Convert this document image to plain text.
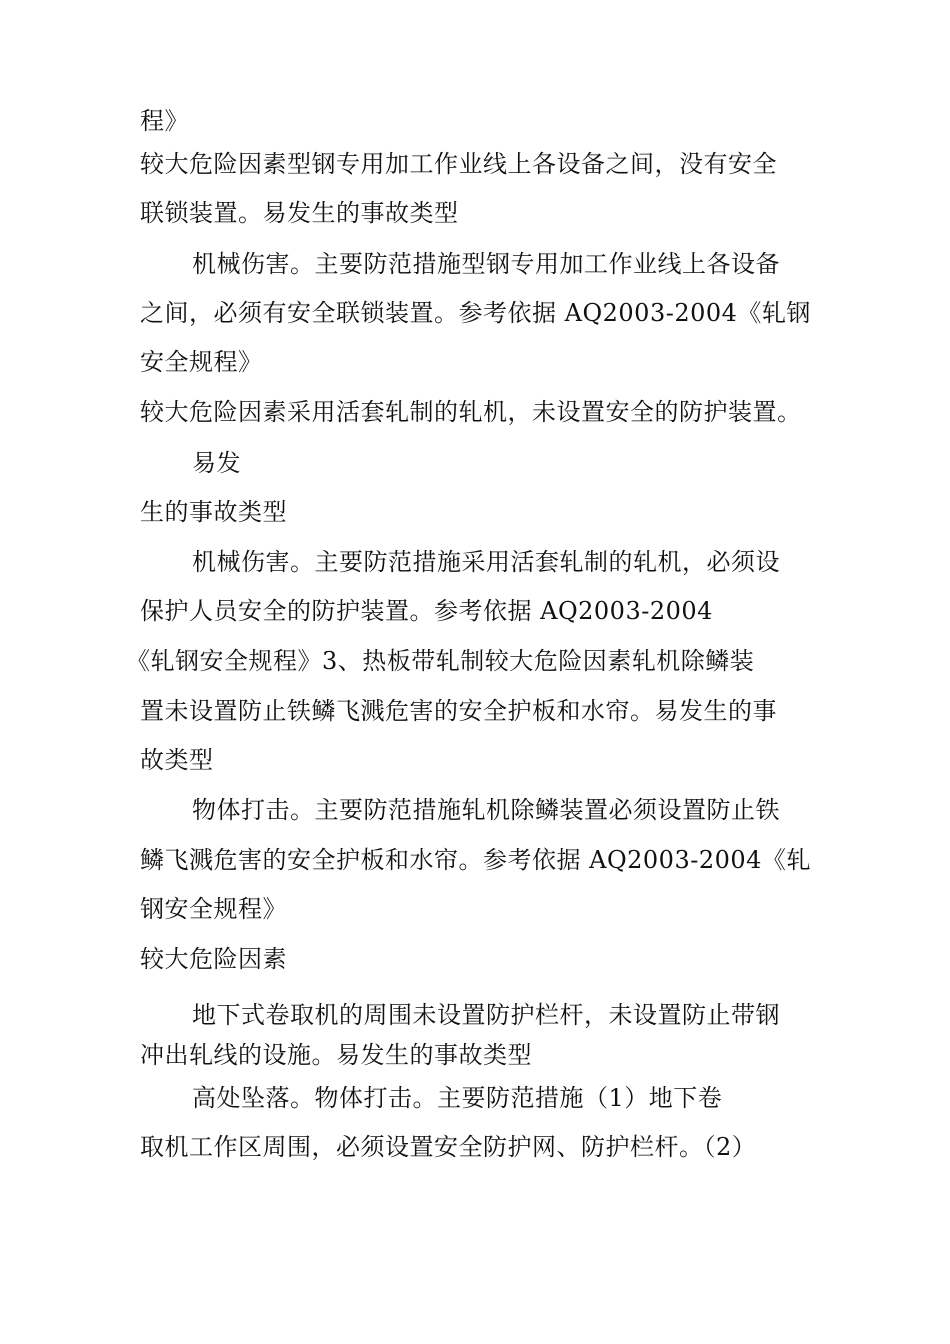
程》
较大危险因素型钢专用加工作业线上各设备之间，没有安全
联锁装置。易发生的事故类型
机械伤害。主要防范措施型钢专用加工作业线上各设备
之间，必须有安全联锁装置。参考依据 AQ2003-2004《轧钢
安全规程》
较大危险因素采用活套轧制的轧机，未设置安全的防护装置。
易发
生的事故类型
机械伤害。主要防范措施采用活套轧制的轧机，必须设
保护人员安全的防护装置。参考依据 AQ2003-2004
《轧钢安全规程》3、热板带轧制较大危险因素轧机除鳞装
置未设置防止铁鳞飞溅危害的安全护板和水帘。易发生的事
故类型
物体打击。主要防范措施轧机除鳞装置必须设置防止铁
鳞飞溅危害的安全护板和水帘。参考依据 AQ2003-2004《轧
钢安全规程》
较大危险因素
地下式卷取机的周围未设置防护栏杆，未设置防止带钢
冲出轧线的设施。易发生的事故类型
高处坠落。物体打击。主要防范措施（1）地下卷
取机工作区周围，必须设置安全防护网、防护栏杆。（2）
